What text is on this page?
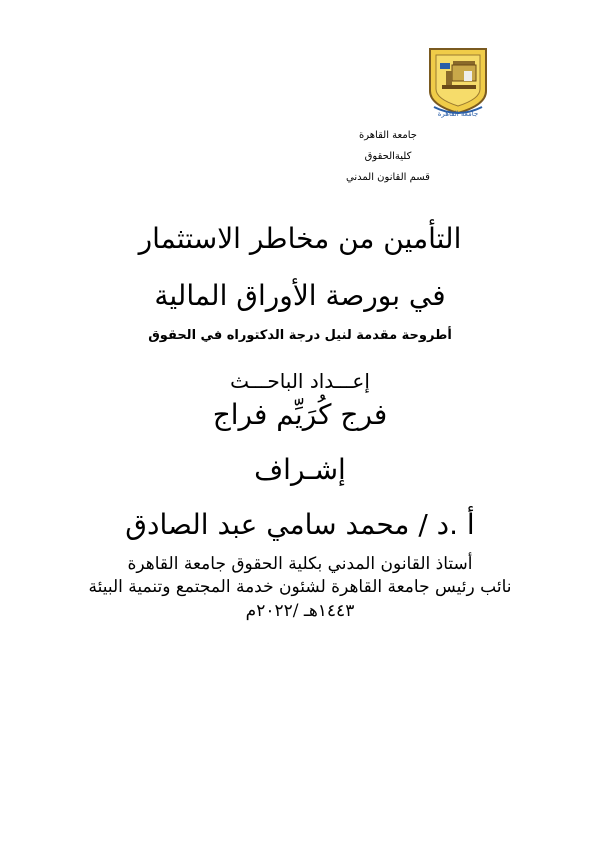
جامعة القاهرة
جامعة القاهرة
كليةالحقوق
قسم القانون المدني
التأمين من مخاطر الاستثمار
في بورصة الأوراق المالية
أطروحة مقدمة لنيل درجة الدكتوراه في الحقوق
إعـــداد الباحـــث
فرج كُرَيِّم فراج
إشـراف
أ .د / محمد سامي عبد الصادق
أستاذ القانون المدني بكلية الحقوق جامعة القاهرة
نائب رئيس جامعة القاهرة لشئون خدمة المجتمع وتنمية البيئة
١٤٤٣هـ /٢٠٢٢م
